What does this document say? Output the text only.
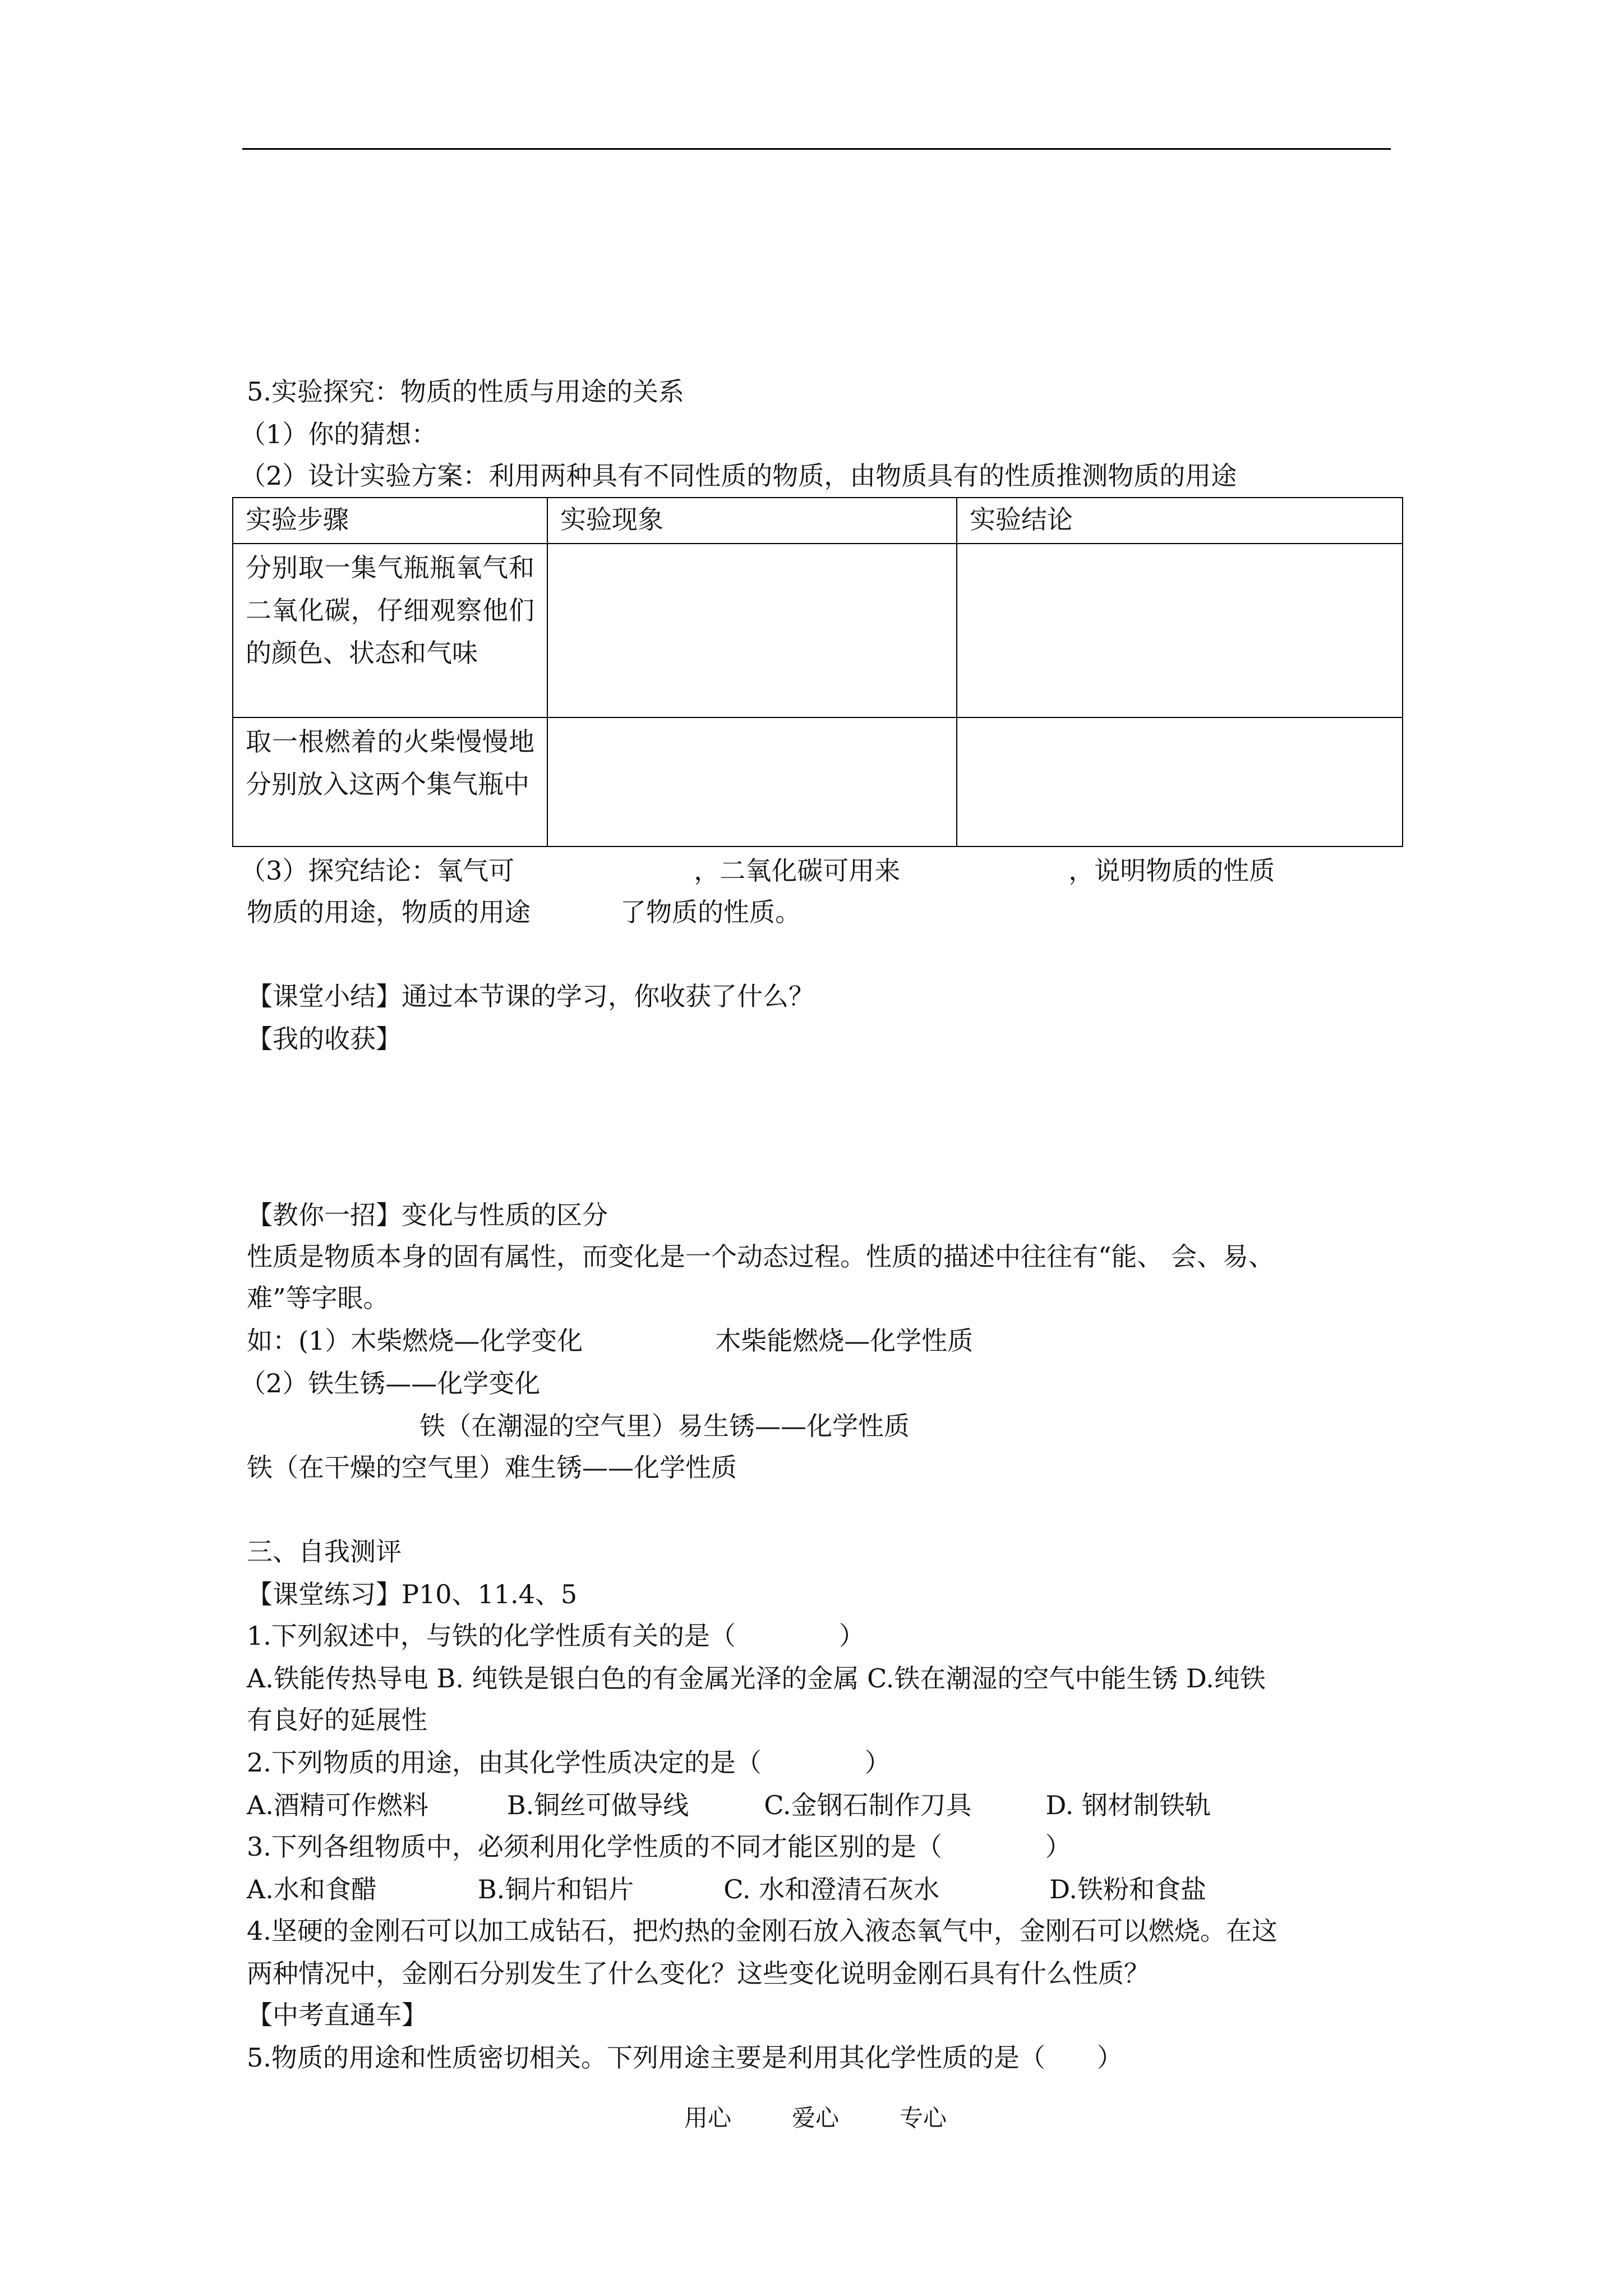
5.实验探究：物质的性质与用途的关系
（1）你的猜想：
（2）设计实验方案：利用两种具有不同性质的物质，由物质具有的性质推测物质的用途
实验步骤	实验现象	实验结论
分别取一集气瓶瓶氧气和二氧化碳，仔细观察他们的颜色、状态和气味		
取一根燃着的火柴慢慢地分别放入这两个集气瓶中		
（3）探究结论：氧气可	，二氧化碳可用来	，说明物质的性质
物质的用途，物质的用途	了物质的性质。
【课堂小结】通过本节课的学习，你收获了什么？
【我的收获】
【教你一招】变化与性质的区分
性质是物质本身的固有属性，而变化是一个动态过程。性质的描述中往往有“能、 会、易、
难”等字眼。
如：(1）木柴燃烧—化学变化	木柴能燃烧—化学性质
（2）铁生锈——化学变化
铁（在潮湿的空气里）易生锈——化学性质
铁（在干燥的空气里）难生锈——化学性质
三、自我测评
【课堂练习】P10、11.4、5
1.下列叙述中，与铁的化学性质有关的是（　　　　）
A.铁能传热导电 B. 纯铁是银白色的有金属光泽的金属 C.铁在潮湿的空气中能生锈 D.纯铁
有良好的延展性
2.下列物质的用途，由其化学性质决定的是（　　　　）
A.酒精可作燃料	B.铜丝可做导线	C.金钢石制作刀具	D. 钢材制铁轨
3.下列各组物质中，必须利用化学性质的不同才能区别的是（　　　　）
A.水和食醋	B.铜片和铝片	C. 水和澄清石灰水	D.铁粉和食盐
4.坚硬的金刚石可以加工成钻石，把灼热的金刚石放入液态氧气中，金刚石可以燃烧。在这
两种情况中，金刚石分别发生了什么变化？这些变化说明金刚石具有什么性质？
【中考直通车】
5.物质的用途和性质密切相关。下列用途主要是利用其化学性质的是（　　）
用心	爱心	专心
